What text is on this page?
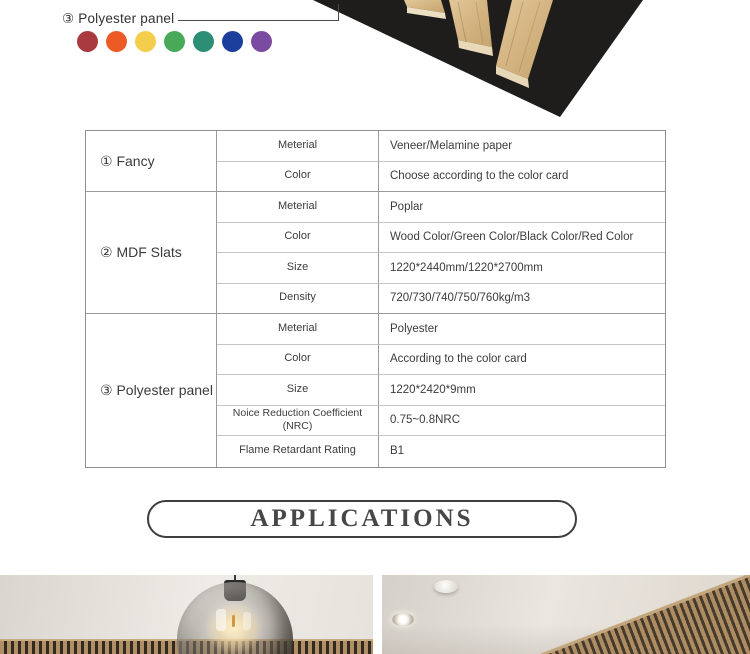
③ Polyester panel
① Fancy
Meterial	Veneer/Melamine paper
Color	Choose according to the color card
② MDF Slats
Meterial	Poplar
Color	Wood Color/Green Color/Black Color/Red Color
Size	1220*2440mm/1220*2700mm
Density	720/730/740/750/760kg/m3
③ Polyester panel
Meterial	Polyester
Color	According to the color card
Size	1220*2420*9mm
Noice Reduction Coefficient (NRC)	0.75~0.8NRC
Flame Retardant Rating	B1
APPLICATIONS
